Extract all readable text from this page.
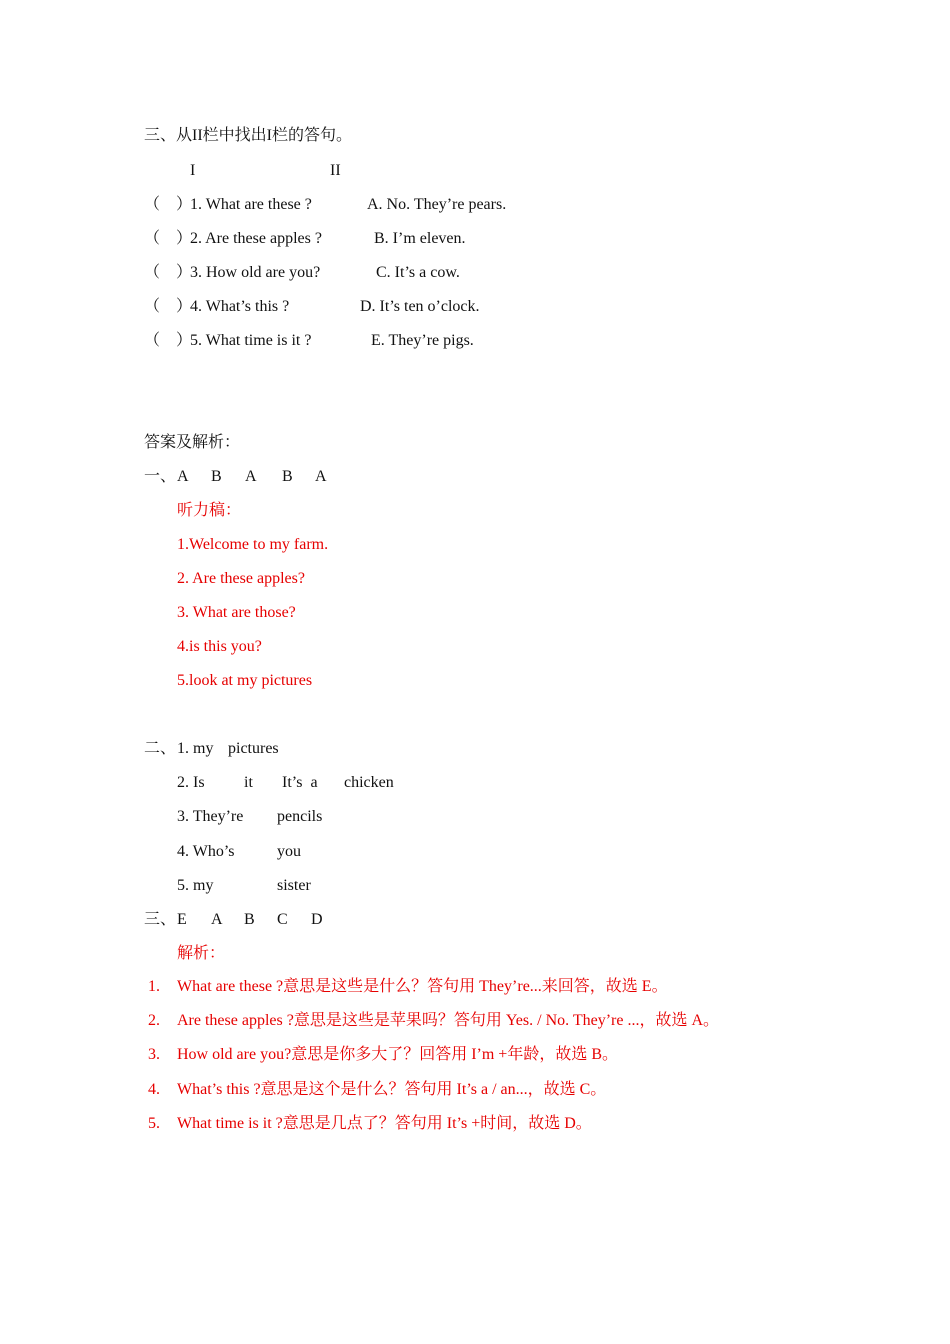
三、从II栏中找出I栏的答句。
I	II
（    ）
1. What are these ?	A. No. They’re pears.
（    ）
2. Are these apples ?	B. I’m eleven.
（    ）
3. How old are you?	C. It’s a cow.
（    ）
4. What’s this ?	D. It’s ten o’clock.
（    ）
5. What time is it ?	E. They’re pigs.
答案及解析：
一、 A B A B A
听力稿：
1.Welcome to my farm.
2. Are these apples?
3. What are those?
4.is this you?
5.look at my pictures
二、 1. my pictures
2. Is it It’s  a chicken
3. They’re pencils
4. Who’s	you
5. my	sister
三、 E A B C D
解析：
1. What are these ?意思是这些是什么？答句用 They’re...来回答，故选 E。
2. Are these apples ?意思是这些是苹果吗？答句用 Yes. / No. They’re ...，故选 A。
3. How old are you?意思是你多大了？回答用 I’m +年龄，故选 B。
4. What’s this ?意思是这个是什么？答句用 It’s a / an...，故选 C。
5. What time is it ?意思是几点了？答句用 It’s +时间，故选 D。
